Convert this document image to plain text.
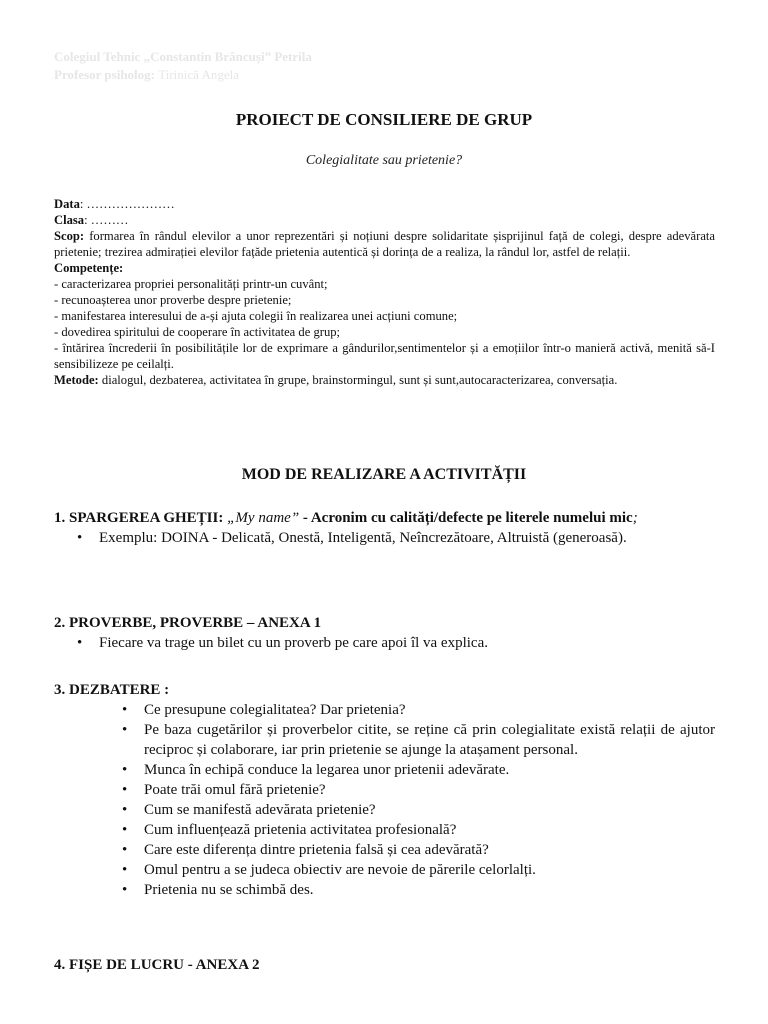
Colegiul Tehnic „Constantin Brâncuși” Petrila
Profesor psiholog: Tirinică Angela
PROIECT DE CONSILIERE DE GRUP
Colegialitate sau prietenie?
Data: …………………
Clasa: ………
Scop: formarea în rândul elevilor a unor reprezentări și noțiuni despre solidaritate șisprijinul față de colegi, despre adevărata prietenie; trezirea admirației elevilor fațăde prietenia autentică și dorința de a realiza, la rândul lor, astfel de relații.
Competențe:
- caracterizarea propriei personalități printr-un cuvânt;
- recunoașterea unor proverbe despre prietenie;
- manifestarea interesului de a-și ajuta colegii în realizarea unei acțiuni comune;
- dovedirea spiritului de cooperare în activitatea de grup;
- întărirea încrederii în posibilitățile lor de exprimare a gândurilor,sentimentelor și a emoțiilor într-o manieră activă, menită să-I sensibilizeze pe ceilalți.
Metode: dialogul, dezbaterea, activitatea în grupe, brainstormingul, sunt și sunt,autocaracterizarea, conversația.
MOD DE REALIZARE A ACTIVITĂȚII
1. SPARGEREA GHEȚII: „My name” - Acronim cu calități/defecte pe literele numelui mic;
• Exemplu: DOINA - Delicată, Onestă, Inteligentă, Neîncrezătoare, Altruistă (generoasă).
2. PROVERBE, PROVERBE – ANEXA 1
• Fiecare va trage un bilet cu un proverb pe care apoi îl va explica.
3. DEZBATERE :
• Ce presupune colegialitatea? Dar prietenia?
• Pe baza cugetărilor și proverbelor citite, se reține că prin colegialitate există relații de ajutor reciproc și colaborare, iar prin prietenie se ajunge la atașament personal.
• Munca în echipă conduce la legarea unor prietenii adevărate.
• Poate trăi omul fără prietenie?
• Cum se manifestă adevărata prietenie?
• Cum influențează prietenia activitatea profesională?
• Care este diferența dintre prietenia falsă și cea adevărată?
• Omul pentru a se judeca obiectiv are nevoie de părerile celorlalți.
• Prietenia nu se schimbă des.
4. FIȘE DE LUCRU - ANEXA 2
